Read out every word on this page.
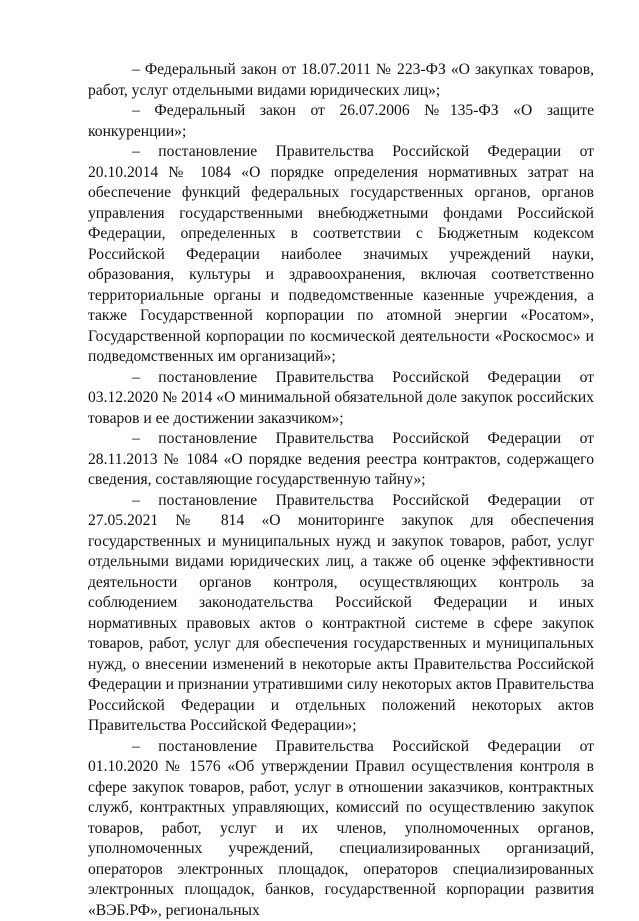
– Федеральный закон от 18.07.2011 № 223-ФЗ «О закупках товаров, работ, услуг отдельными видами юридических лиц»;

– Федеральный закон от 26.07.2006 №135-ФЗ «О защите конкуренции»;

– постановление Правительства Российской Федерации от 20.10.2014 № 1084 «О порядке определения нормативных затрат на обеспечение функций федеральных государственных органов, органов управления государственными внебюджетными фондами Российской Федерации, определенных в соответствии с Бюджетным кодексом Российской Федерации наиболее значимых учреждений науки, образования, культуры и здравоохранения, включая соответственно территориальные органы и подведомственные казенные учреждения, а также Государственной корпорации по атомной энергии «Росатом», Государственной корпорации по космической деятельности «Роскосмос» и подведомственных им организаций»;

– постановление Правительства Российской Федерации от 03.12.2020 № 2014 «О минимальной обязательной доле закупок российских товаров и ее достижении заказчиком»;

– постановление Правительства Российской Федерации от 28.11.2013 № 1084 «О порядке ведения реестра контрактов, содержащего сведения, составляющие государственную тайну»;

– постановление Правительства Российской Федерации от 27.05.2021 № 814 «О мониторинге закупок для обеспечения государственных и муниципальных нужд и закупок товаров, работ, услуг отдельными видами юридических лиц, а также об оценке эффективности деятельности органов контроля, осуществляющих контроль за соблюдением законодательства Российской Федерации и иных нормативных правовых актов о контрактной системе в сфере закупок товаров, работ, услуг для обеспечения государственных и муниципальных нужд, о внесении изменений в некоторые акты Правительства Российской Федерации и признании утратившими силу некоторых актов Правительства Российской Федерации и отдельных положений некоторых актов Правительства Российской Федерации»;

– постановление Правительства Российской Федерации от 01.10.2020 № 1576 «Об утверждении Правил осуществления контроля в сфере закупок товаров, работ, услуг в отношении заказчиков, контрактных служб, контрактных управляющих, комиссий по осуществлению закупок товаров, работ, услуг и их членов, уполномоченных органов, уполномоченных учреждений, специализированных организаций, операторов электронных площадок, операторов специализированных электронных площадок, банков, государственной корпорации развития «ВЭБ.РФ», региональных
